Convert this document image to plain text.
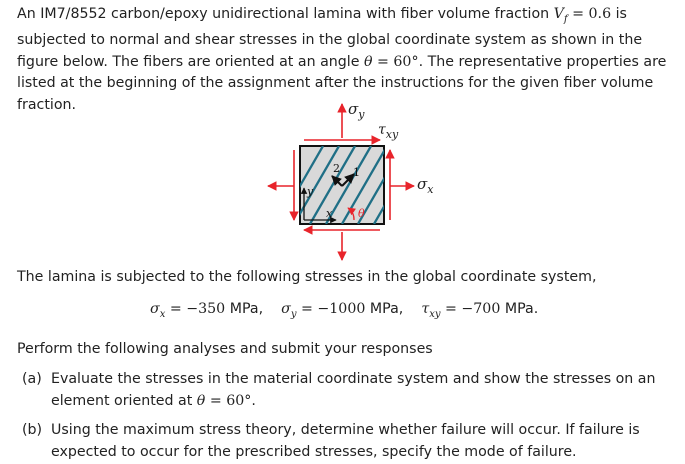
An IM7/8552 carbon/epoxy unidirectional lamina with fiber volume fraction $V_f = 0.6$ is subjected to normal and shear stresses in the global coordinate system as shown in the figure below. The fibers are oriented at an angle θ = 60°. The representative properties are listed at the beginning of the assignment after the instructions for the given fiber volume fraction.	$\sigma_y$
$\tau_{xy}$
$\sigma_x$
1
2
x
y
θ

The lamina is subjected to the following stresses in the global coordinate system,

$\sigma_x = -350$ MPa, $\sigma_y = -1000$ MPa, $\tau_{xy} = -700$ MPa.

Perform the following analyses and submit your responses

(a) Evaluate the stresses in the material coordinate system and show the stresses on an element oriented at θ = 60°.
(b) Using the maximum stress theory, determine whether failure will occur. If failure is expected to occur for the prescribed stresses, specify the mode of failure.
